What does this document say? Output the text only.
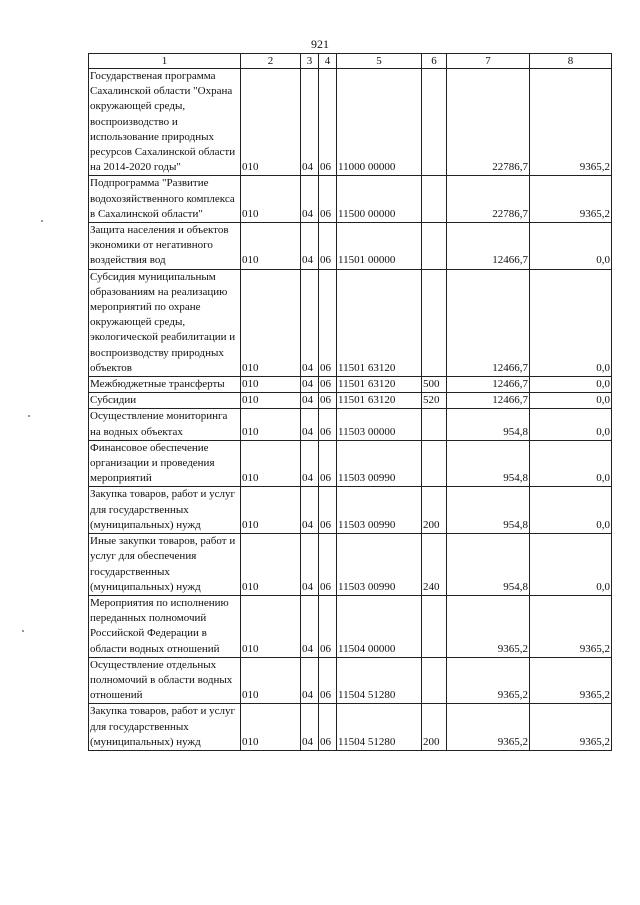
921
1	2	3	4	5	6	7	8
Государственая программа Сахалинской области "Охрана окружающей среды, воспроизводство и использование природных ресурсов Сахалинской области на 2014-2020 годы"	010	04	06	11000 00000		22786,7	9365,2
Подпрограмма "Развитие водохозяйственного комплекса в Сахалинской области"	010	04	06	11500 00000		22786,7	9365,2
Защита населения и объектов экономики от негативного воздействия вод	010	04	06	11501 00000		12466,7	0,0
Субсидия муниципальным образованиям на реализацию мероприятий по охране окружающей среды, экологической реабилитации и воспроизводству природных объектов	010	04	06	11501 63120		12466,7	0,0
Межбюджетные трансферты	010	04	06	11501 63120	500	12466,7	0,0
Субсидии	010	04	06	11501 63120	520	12466,7	0,0
Осуществление мониторинга на водных объектах	010	04	06	11503 00000		954,8	0,0
Финансовое обеспечение организации и проведения мероприятий	010	04	06	11503 00990		954,8	0,0
Закупка товаров, работ и услуг для государственных (муниципальных) нужд	010	04	06	11503 00990	200	954,8	0,0
Иные закупки товаров, работ и услуг для обеспечения государственных (муниципальных) нужд	010	04	06	11503 00990	240	954,8	0,0
Мероприятия по исполнению переданных полномочий Российской Федерации в области водных отношений	010	04	06	11504 00000		9365,2	9365,2
Осуществление отдельных полномочий в области водных отношений	010	04	06	11504 51280		9365,2	9365,2
Закупка товаров, работ и услуг для государственных (муниципальных) нужд	010	04	06	11504 51280	200	9365,2	9365,2
